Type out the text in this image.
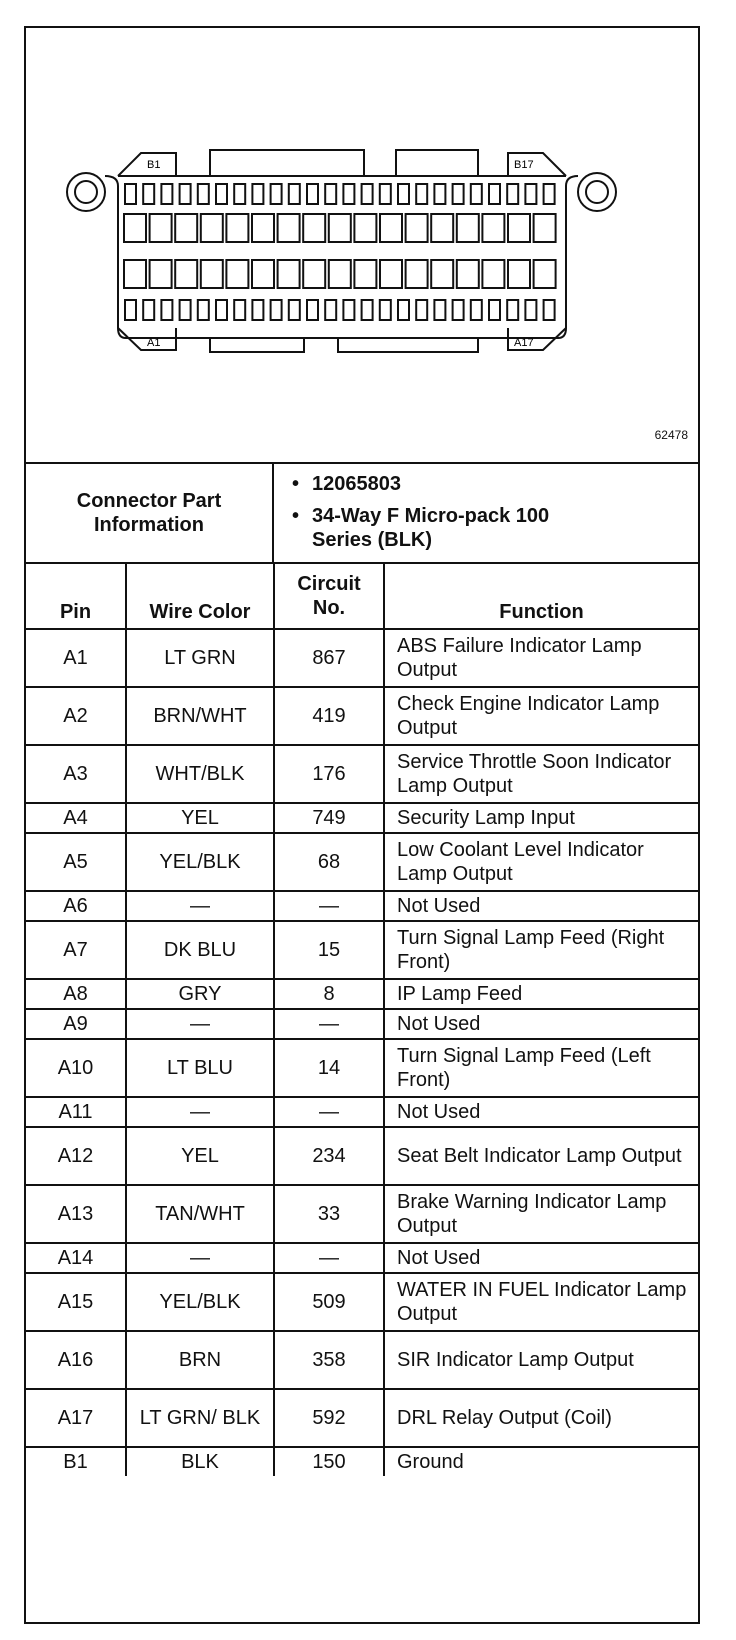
B1	B17
A1	A17
62478
Connector Part Information
• 12065803
• 34-Way F Micro-pack 100 Series (BLK)
Pin	Wire Color	Circuit No.	Function
A1	LT GRN	867	ABS Failure Indicator Lamp Output
A2	BRN/WHT	419	Check Engine Indicator Lamp Output
A3	WHT/BLK	176	Service Throttle Soon Indicator Lamp Output
A4	YEL	749	Security Lamp Input
A5	YEL/BLK	68	Low Coolant Level Indicator Lamp Output
A6	—	—	Not Used
A7	DK BLU	15	Turn Signal Lamp Feed (Right Front)
A8	GRY	8	IP Lamp Feed
A9	—	—	Not Used
A10	LT BLU	14	Turn Signal Lamp Feed (Left Front)
A11	—	—	Not Used
A12	YEL	234	Seat Belt Indicator Lamp Output
A13	TAN/WHT	33	Brake Warning Indicator Lamp Output
A14	—	—	Not Used
A15	YEL/BLK	509	WATER IN FUEL Indicator Lamp Output
A16	BRN	358	SIR Indicator Lamp Output
A17	LT GRN/ BLK	592	DRL Relay Output (Coil)
B1	BLK	150	Ground
